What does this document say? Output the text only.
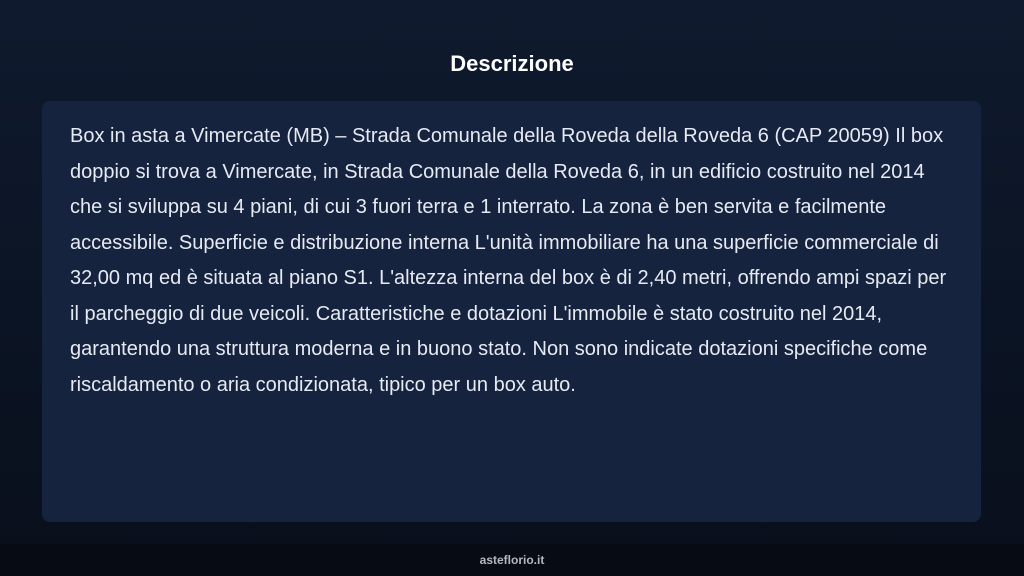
Descrizione

Box in asta a Vimercate (MB) – Strada Comunale della Roveda della Roveda 6 (CAP 20059) Il box doppio si trova a Vimercate, in Strada Comunale della Roveda 6, in un edificio costruito nel 2014 che si sviluppa su 4 piani, di cui 3 fuori terra e 1 interrato. La zona è ben servita e facilmente accessibile. Superficie e distribuzione interna L'unità immobiliare ha una superficie commerciale di 32,00 mq ed è situata al piano S1. L'altezza interna del box è di 2,40 metri, offrendo ampi spazi per il parcheggio di due veicoli. Caratteristiche e dotazioni L'immobile è stato costruito nel 2014, garantendo una struttura moderna e in buono stato. Non sono indicate dotazioni specifiche come riscaldamento o aria condizionata, tipico per un box auto.

asteflorio.it
